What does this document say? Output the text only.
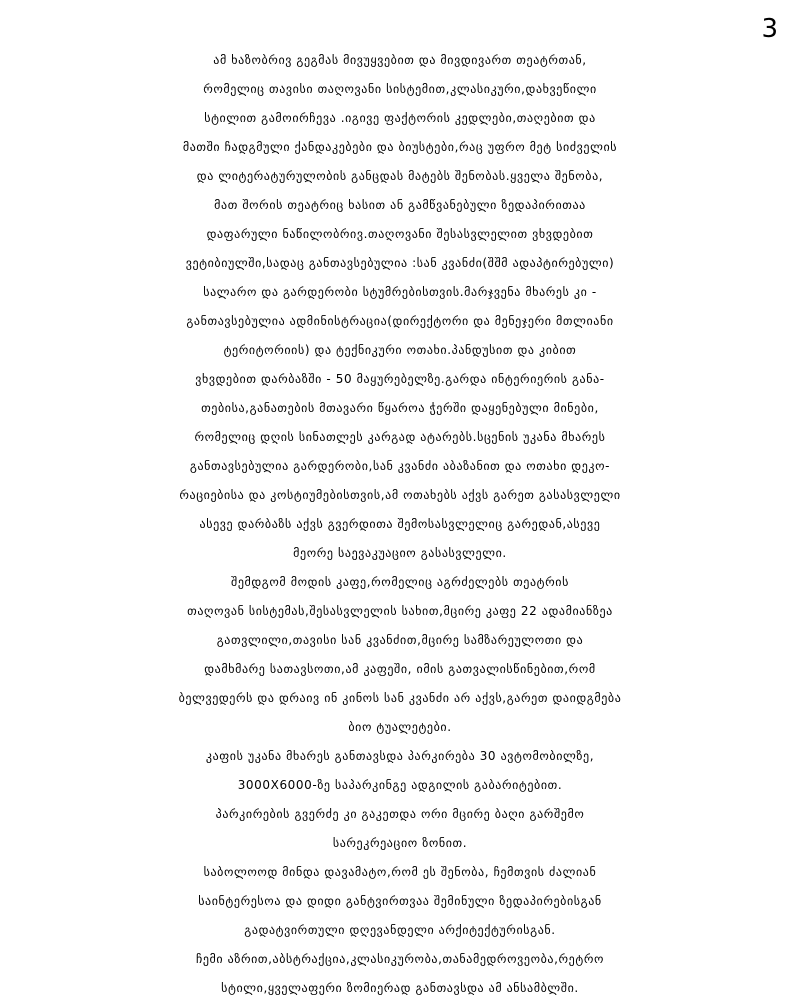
3
ამ ხაზობრივ გეგმას მივუყვებით და მივდივართ თეატრთან,
რომელიც თავისი თაღოვანი სისტემით,კლასიკური,დახვეწილი
სტილით გამოირჩევა .იგივე ფაქტორის კედლები,თაღებით და
მათში ჩადგმული ქანდაკებები და ბიუსტები,რაც უფრო მეტ სიძველის
და ლიტერატურულობის განცდას მატებს შენობას.ყველა შენობა,
მათ შორის თეატრიც ხასით ან გამწვანებული ზედაპირითაა
დაფარული ნაწილობრივ.თაღოვანი შესასვლელით ვხვდებით
ვეტიბიულში,სადაც განთავსებულია :სან კვანძი(შშმ ადაპტირებული)
სალარო და გარდერობი სტუმრებისთვის.მარჯვენა მხარეს კი -
განთავსებულია ადმინისტრაცია(დირექტორი და მენეჯერი მთლიანი
ტერიტორიის) და ტექნიკური ოთახი.პანდუსით და კიბით
ვხვდებით დარბაზში - 50 მაყურებელზე.გარდა ინტერიერის განა-
თებისა,განათების მთავარი წყაროა ჭერში დაყენებული მინები,
რომელიც დღის სინათლეს კარგად ატარებს.სცენის უკანა მხარეს
განთავსებულია გარდერობი,სან კვანძი აბაზანით და ოთახი დეკო-
რაციებისა და კოსტიუმებისთვის,ამ ოთახებს აქვს გარეთ გასასვლელი
ასევე დარბაზს აქვს გვერდითა შემოსასვლელიც გარედან,ასევე
მეორე საევაკუაციო გასასვლელი.
შემდგომ მოდის კაფე,რომელიც აგრძელებს თეატრის
თაღოვან სისტემას,შესასვლელის სახით,მცირე კაფე 22 ადამიანზეა
გათვლილი,თავისი სან კვანძით,მცირე სამზარეულოთი და
დამხმარე სათავსოთი,ამ კაფეში, იმის გათვალისწინებით,რომ
ბელვედერს და დრაივ ინ კინოს სან კვანძი არ აქვს,გარეთ დაიდგმება
ბიო ტუალეტები.
კაფის უკანა მხარეს განთავსდა პარკირება 30 ავტომობილზე,
3000X6000-ზე საპარკინგე ადგილის გაბარიტებით.
პარკირების გვერძე კი გაკეთდა ორი მცირე ბაღი გარშემო
სარეკრეაციო ზონით.
საბოლოოდ მინდა დავამატო,რომ ეს შენობა, ჩემთვის ძალიან
საინტერესოა და დიდი განტვირთვაა შემინული ზედაპირებისგან
გადატვირთული დღევანდელი არქიტექტურისგან.
ჩემი აზრით,აბსტრაქცია,კლასიკურობა,თანამედროვეობა,რეტრო
სტილი,ყველაფერი ზომიერად განთავსდა ამ ანსამბლში.
